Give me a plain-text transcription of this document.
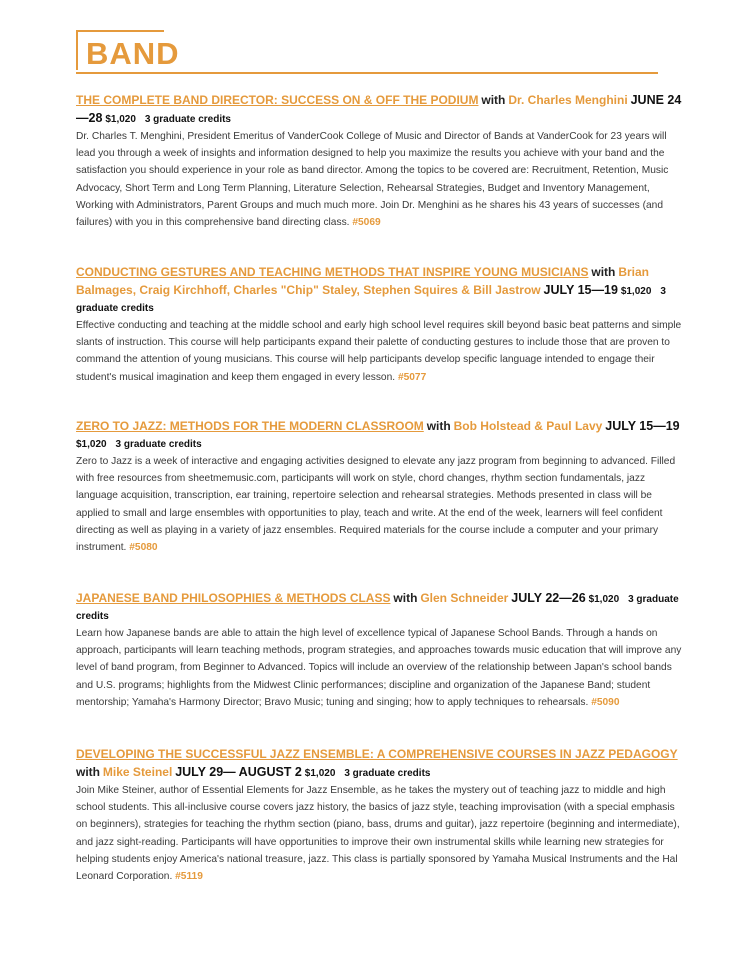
BAND

THE COMPLETE BAND DIRECTOR: SUCCESS ON & OFF THE PODIUM with Dr. Charles Menghini JUNE 24—28 $1,020 3 graduate credits

Dr. Charles T. Menghini, President Emeritus of VanderCook College of Music and Director of Bands at VanderCook for 23 years will lead you through a week of insights and information designed to help you maximize the results you achieve with your band and the satisfaction you should experience in your role as band director. Among the topics to be covered are: Recruitment, Retention, Music Advocacy, Short Term and Long Term Planning, Literature Selection, Rehearsal Strategies, Budget and Inventory Management, Working with Administrators, Parent Groups and much much more. Join Dr. Menghini as he shares his 43 years of successes (and failures) with you in this comprehensive band directing class. #5069

CONDUCTING GESTURES AND TEACHING METHODS THAT INSPIRE YOUNG MUSICIANS with Brian Balmages, Craig Kirchhoff, Charles "Chip" Staley, Stephen Squires & Bill Jastrow JULY 15—19 $1,020 3 graduate credits

Effective conducting and teaching at the middle school and early high school level requires skill beyond basic beat patterns and simple slants of instruction. This course will help participants expand their palette of conducting gestures to include those that are proven to command the attention of young musicians. This course will help participants develop specific language intended to engage their student's musical imagination and keep them engaged in every lesson. #5077

ZERO TO JAZZ: METHODS FOR THE MODERN CLASSROOM with Bob Holstead & Paul Lavy JULY 15—19 $1,020 3 graduate credits

Zero to Jazz is a week of interactive and engaging activities designed to elevate any jazz program from beginning to advanced. Filled with free resources from sheetmemusic.com, participants will work on style, chord changes, rhythm section fundamentals, jazz language acquisition, transcription, ear training, repertoire selection and rehearsal strategies. Methods presented in class will be applied to small and large ensembles with opportunities to play, teach and write. At the end of the week, learners will feel confident directing as well as playing in a variety of jazz ensembles. Required materials for the course include a computer and your primary instrument. #5080

JAPANESE BAND PHILOSOPHIES & METHODS CLASS with Glen Schneider JULY 22—26 $1,020 3 graduate credits

Learn how Japanese bands are able to attain the high level of excellence typical of Japanese School Bands. Through a hands on approach, participants will learn teaching methods, program strategies, and approaches towards music education that will improve any level of band program, from Beginner to Advanced. Topics will include an overview of the relationship between Japan's school bands and U.S. programs; highlights from the Midwest Clinic performances; discipline and organization of the Japanese Band; student mentorship; Yamaha's Harmony Director; Bravo Music; tuning and singing; how to apply techniques to rehearsals. #5090

DEVELOPING THE SUCCESSFUL JAZZ ENSEMBLE: A COMPREHENSIVE COURSES IN JAZZ PEDAGOGY with Mike Steinel JULY 29— AUGUST 2 $1,020 3 graduate credits

Join Mike Steiner, author of Essential Elements for Jazz Ensemble, as he takes the mystery out of teaching jazz to middle and high school students. This all-inclusive course covers jazz history, the basics of jazz style, teaching improvisation (with a special emphasis on beginners), strategies for teaching the rhythm section (piano, bass, drums and guitar), jazz repertoire (beginning and intermediate), and jazz sight-reading. Participants will have opportunities to improve their own instrumental skills while learning new strategies for helping students enjoy America's national treasure, jazz. This class is partially sponsored by Yamaha Musical Instruments and the Hal Leonard Corporation. #5119
